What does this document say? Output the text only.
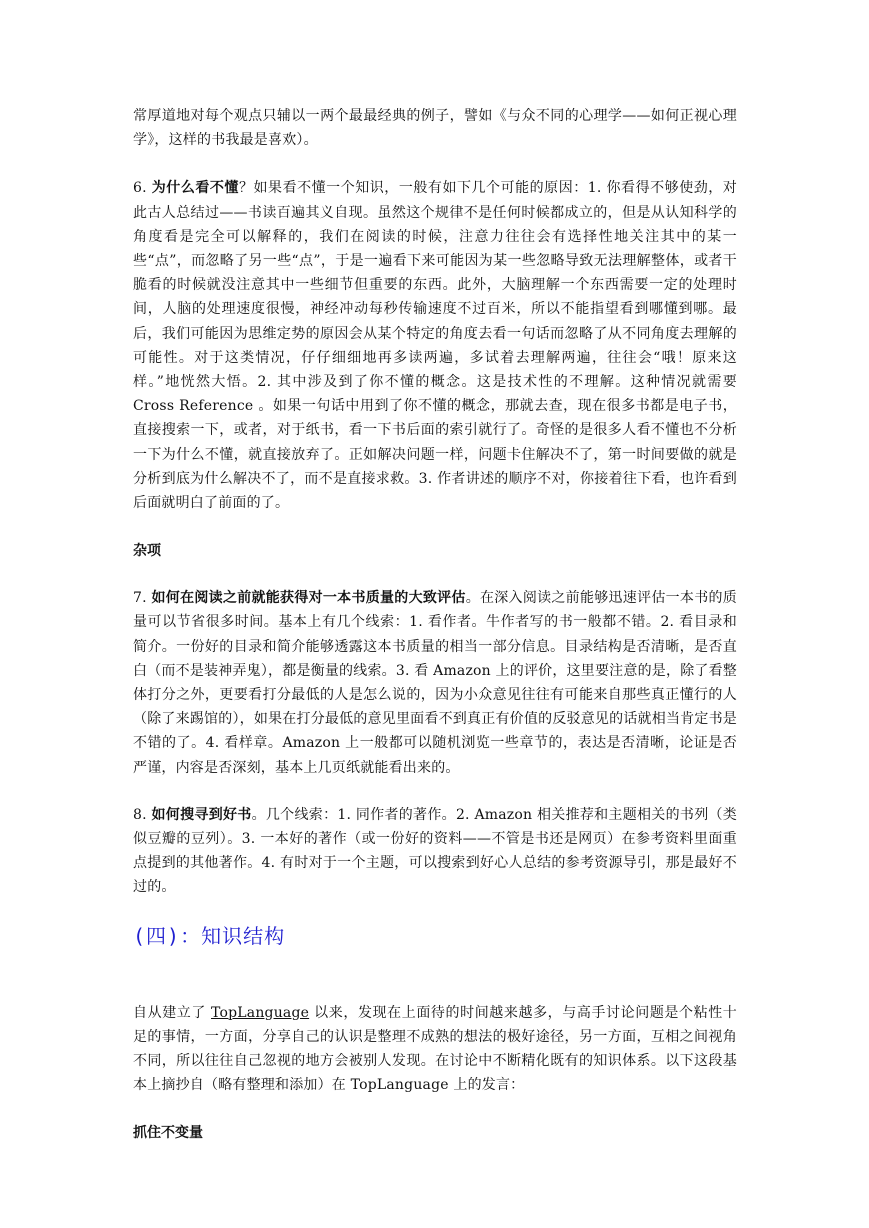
常厚道地对每个观点只辅以一两个最最经典的例子，譬如《与众不同的心理学——如何正视心理学》，这样的书我最是喜欢）。

6. 为什么看不懂？如果看不懂一个知识，一般有如下几个可能的原因：1. 你看得不够使劲，对此古人总结过——书读百遍其义自现。虽然这个规律不是任何时候都成立的，但是从认知科学的角度看是完全可以解释的，我们在阅读的时候，注意力往往会有选择性地关注其中的某一些“点”，而忽略了另一些“点”，于是一遍看下来可能因为某一些忽略导致无法理解整体，或者干脆看的时候就没注意其中一些细节但重要的东西。此外，大脑理解一个东西需要一定的处理时间，人脑的处理速度很慢，神经冲动每秒传输速度不过百米，所以不能指望看到哪懂到哪。最后，我们可能因为思维定势的原因会从某个特定的角度去看一句话而忽略了从不同角度去理解的可能性。对于这类情况，仔仔细细地再多读两遍，多试着去理解两遍，往往会“哦！原来这样。”地恍然大悟。2. 其中涉及到了你不懂的概念。这是技术性的不理解。这种情况就需要 Cross Reference 。如果一句话中用到了你不懂的概念，那就去查，现在很多书都是电子书，直接搜索一下，或者，对于纸书，看一下书后面的索引就行了。奇怪的是很多人看不懂也不分析一下为什么不懂，就直接放弃了。正如解决问题一样，问题卡住解决不了，第一时间要做的就是分析到底为什么解决不了，而不是直接求救。3. 作者讲述的顺序不对，你接着往下看，也许看到后面就明白了前面的了。

杂项

7. 如何在阅读之前就能获得对一本书质量的大致评估。在深入阅读之前能够迅速评估一本书的质量可以节省很多时间。基本上有几个线索：1. 看作者。牛作者写的书一般都不错。2. 看目录和简介。一份好的目录和简介能够透露这本书质量的相当一部分信息。目录结构是否清晰，是否直白（而不是装神弄鬼），都是衡量的线索。3. 看 Amazon 上的评价，这里要注意的是，除了看整体打分之外，更要看打分最低的人是怎么说的，因为小众意见往往有可能来自那些真正懂行的人（除了来踢馆的），如果在打分最低的意见里面看不到真正有价值的反驳意见的话就相当肯定书是不错的了。4. 看样章。Amazon 上一般都可以随机浏览一些章节的，表达是否清晰，论证是否严谨，内容是否深刻，基本上几页纸就能看出来的。

8. 如何搜寻到好书。几个线索：1. 同作者的著作。2. Amazon 相关推荐和主题相关的书列（类似豆瓣的豆列）。3. 一本好的著作（或一份好的资料——不管是书还是网页）在参考资料里面重点提到的其他著作。4. 有时对于一个主题，可以搜索到好心人总结的参考资源导引，那是最好不过的。

(四)：知识结构

自从建立了 TopLanguage 以来，发现在上面待的时间越来越多，与高手讨论问题是个粘性十足的事情，一方面，分享自己的认识是整理不成熟的想法的极好途径，另一方面，互相之间视角不同，所以往往自己忽视的地方会被别人发现。在讨论中不断精化既有的知识体系。以下这段基本上摘抄自（略有整理和添加）在 TopLanguage 上的发言：

抓住不变量
